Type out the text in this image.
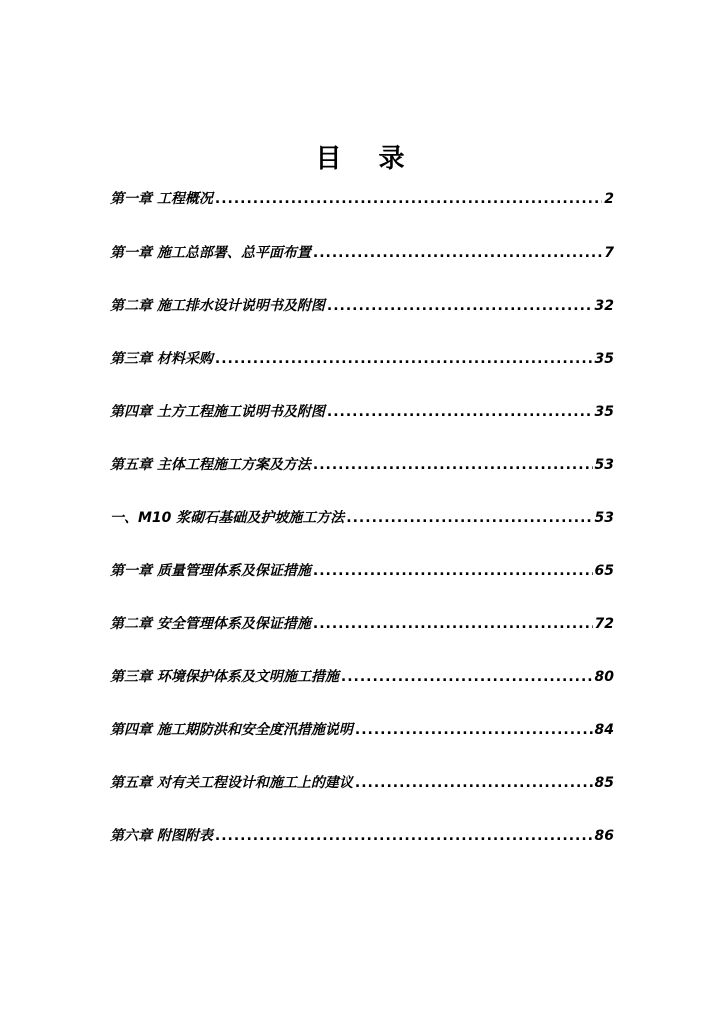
目 录
第一章 工程概况 .....	2
第一章 施工总部署、总平面布置 .....	7
第二章 施工排水设计说明书及附图 .....	32
第三章 材料采购 .....	35
第四章 土方工程施工说明书及附图 .....	35
第五章 主体工程施工方案及方法 .....	53
一、M10 浆砌石基础及护坡施工方法 .....	53
第一章 质量管理体系及保证措施 .....	65
第二章 安全管理体系及保证措施 .....	72
第三章 环境保护体系及文明施工措施 .....	80
第四章 施工期防洪和安全度汛措施说明 .....	84
第五章 对有关工程设计和施工上的建议 .....	85
第六章 附图附表 .....	86
